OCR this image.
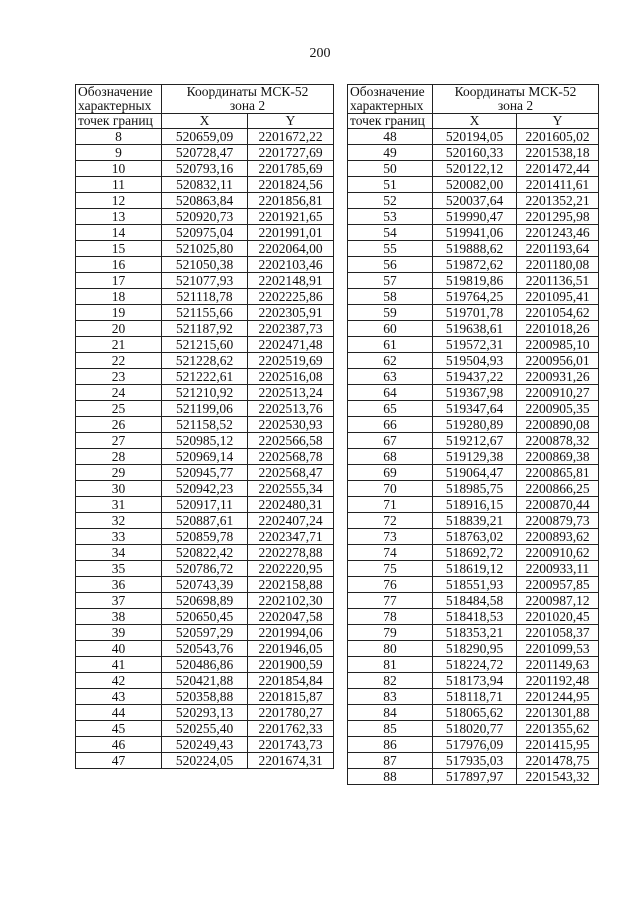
200
Обозначение
характерных	Координаты МСК-52
зона 2	

точек границ	X	Y
8	520659,09	2201672,22
9	520728,47	2201727,69
10	520793,16	2201785,69
11	520832,11	2201824,56
12	520863,84	2201856,81
13	520920,73	2201921,65
14	520975,04	2201991,01
15	521025,80	2202064,00
16	521050,38	2202103,46
17	521077,93	2202148,91
18	521118,78	2202225,86
19	521155,66	2202305,91
20	521187,92	2202387,73
21	521215,60	2202471,48
22	521228,62	2202519,69
23	521222,61	2202516,08
24	521210,92	2202513,24
25	521199,06	2202513,76
26	521158,52	2202530,93
27	520985,12	2202566,58
28	520969,14	2202568,78
29	520945,77	2202568,47
30	520942,23	2202555,34
31	520917,11	2202480,31
32	520887,61	2202407,24
33	520859,78	2202347,71
34	520822,42	2202278,88
35	520786,72	2202220,95
36	520743,39	2202158,88
37	520698,89	2202102,30
38	520650,45	2202047,58
39	520597,29	2201994,06
40	520543,76	2201946,05
41	520486,86	2201900,59
42	520421,88	2201854,84
43	520358,88	2201815,87
44	520293,13	2201780,27
45	520255,40	2201762,33
46	520249,43	2201743,73
47	520224,05	2201674,31
Обозначение
характерных	Координаты МСК-52
зона 2	

точек границ	X	Y
48	520194,05	2201605,02
49	520160,33	2201538,18
50	520122,12	2201472,44
51	520082,00	2201411,61
52	520037,64	2201352,21
53	519990,47	2201295,98
54	519941,06	2201243,46
55	519888,62	2201193,64
56	519872,62	2201180,08
57	519819,86	2201136,51
58	519764,25	2201095,41
59	519701,78	2201054,62
60	519638,61	2201018,26
61	519572,31	2200985,10
62	519504,93	2200956,01
63	519437,22	2200931,26
64	519367,98	2200910,27
65	519347,64	2200905,35
66	519280,89	2200890,08
67	519212,67	2200878,32
68	519129,38	2200869,38
69	519064,47	2200865,81
70	518985,75	2200866,25
71	518916,15	2200870,44
72	518839,21	2200879,73
73	518763,02	2200893,62
74	518692,72	2200910,62
75	518619,12	2200933,11
76	518551,93	2200957,85
77	518484,58	2200987,12
78	518418,53	2201020,45
79	518353,21	2201058,37
80	518290,95	2201099,53
81	518224,72	2201149,63
82	518173,94	2201192,48
83	518118,71	2201244,95
84	518065,62	2201301,88
85	518020,77	2201355,62
86	517976,09	2201415,95
87	517935,03	2201478,75
88	517897,97	2201543,32
